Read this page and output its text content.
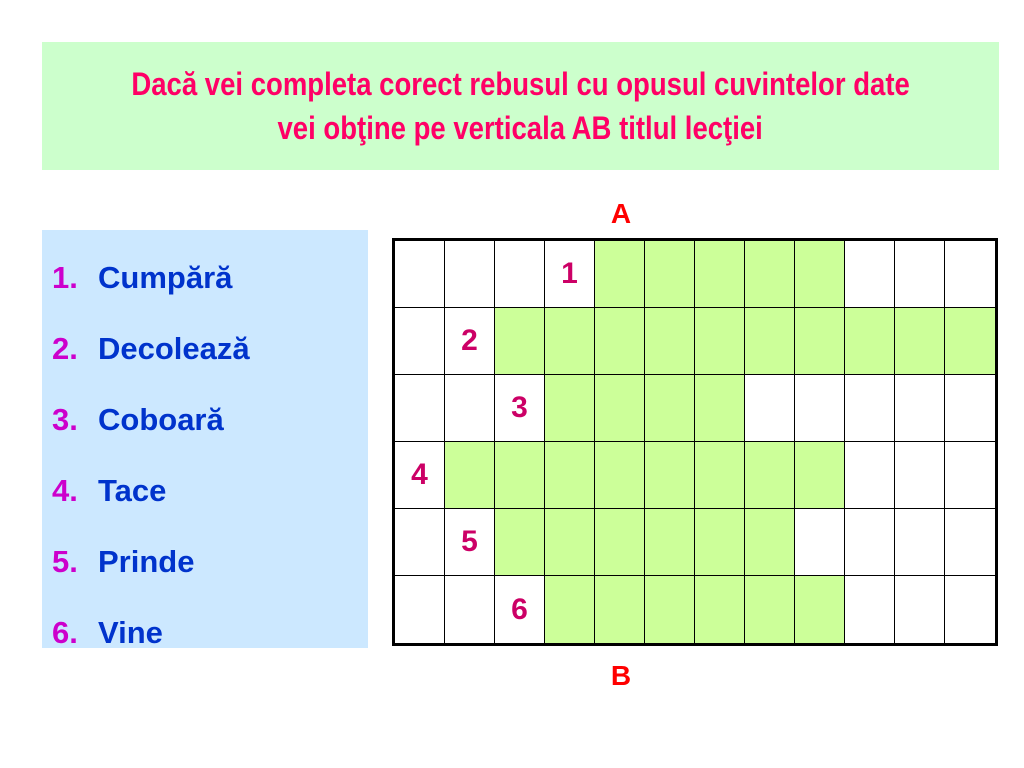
Dacă vei completa corect rebusul cu opusul cuvintelor date
vei obţine pe verticala AB titlul lecţiei
1. Cumpără
2. Decolează
3. Coboară
4. Tace
5. Prinde
6. Vine
A
B
1
2
3
4
5
6
